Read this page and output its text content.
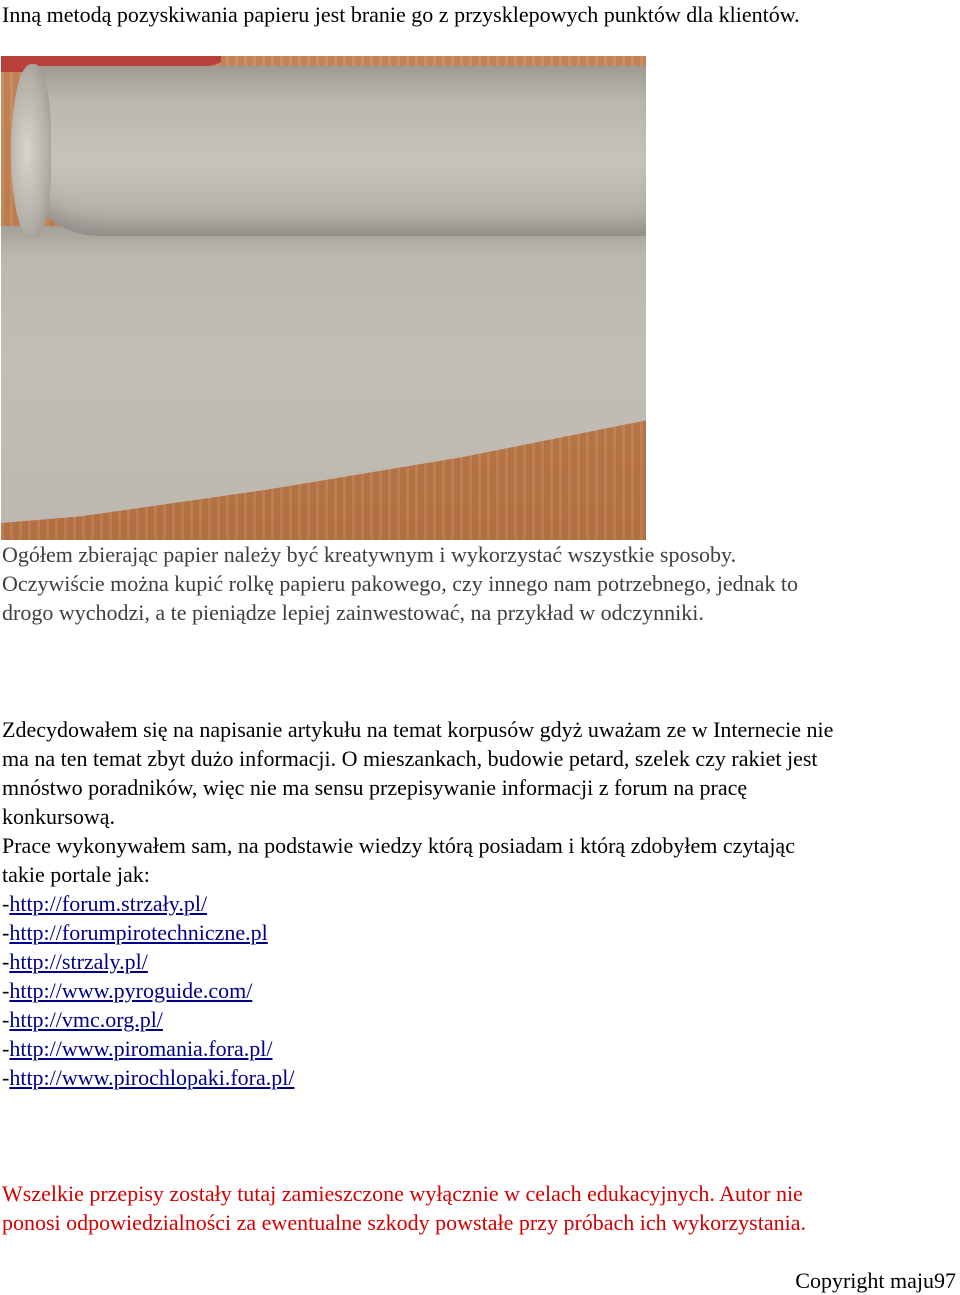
Inną metodą pozyskiwania papieru jest branie go z przysklepowych punktów dla klientów.
Ogółem zbierając papier należy być kreatywnym i wykorzystać wszystkie sposoby.
Oczywiście można kupić rolkę papieru pakowego, czy innego nam potrzebnego, jednak to
drogo wychodzi, a te pieniądze lepiej zainwestować, na przykład w odczynniki.
Zdecydowałem się na napisanie artykułu na temat korpusów gdyż uważam ze w Internecie nie
ma na ten temat zbyt dużo informacji. O mieszankach, budowie petard, szelek czy rakiet jest
mnóstwo poradników, więc nie ma sensu przepisywanie informacji z forum na pracę
konkursową.
Prace wykonywałem sam, na podstawie wiedzy którą posiadam i którą zdobyłem czytając
takie portale jak:
-http://forum.strzały.pl/
-http://forumpirotechniczne.pl
-http://strzaly.pl/
-http://www.pyroguide.com/
-http://vmc.org.pl/
-http://www.piromania.fora.pl/
-http://www.pirochlopaki.fora.pl/
Wszelkie przepisy zostały tutaj zamieszczone wyłącznie w celach edukacyjnych. Autor nie
ponosi odpowiedzialności za ewentualne szkody powstałe przy próbach ich wykorzystania.
Copyright maju97
